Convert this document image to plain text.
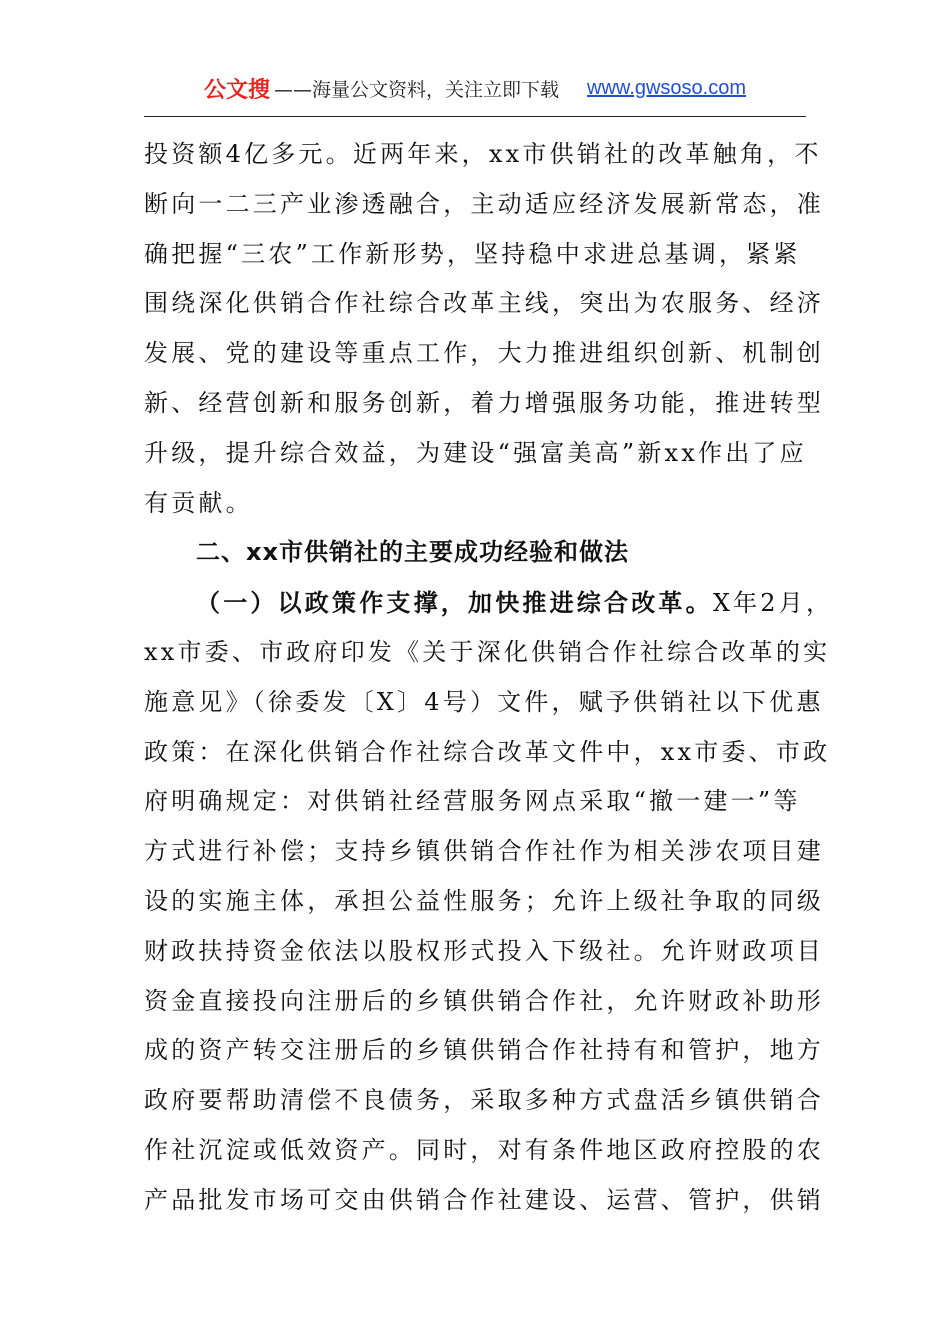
公文搜 ——海量公文资料，关注立即下载 www.gwsoso.com
投资额4亿多元。近两年来，xx市供销社的改革触角，不
断向一二三产业渗透融合，主动适应经济发展新常态，准
确把握“三农”工作新形势，坚持稳中求进总基调，紧紧
围绕深化供销合作社综合改革主线，突出为农服务、经济
发展、党的建设等重点工作，大力推进组织创新、机制创
新、经营创新和服务创新，着力增强服务功能，推进转型
升级，提升综合效益，为建设“强富美高”新xx作出了应
有贡献。
二、xx市供销社的主要成功经验和做法
（一）以政策作支撑，加快推进综合改革。X年2月，
xx市委、市政府印发《关于深化供销合作社综合改革的实
施意见》（徐委发〔X〕4号）文件，赋予供销社以下优惠
政策：在深化供销合作社综合改革文件中，xx市委、市政
府明确规定：对供销社经营服务网点采取“撤一建一”等
方式进行补偿；支持乡镇供销合作社作为相关涉农项目建
设的实施主体，承担公益性服务；允许上级社争取的同级
财政扶持资金依法以股权形式投入下级社。允许财政项目
资金直接投向注册后的乡镇供销合作社，允许财政补助形
成的资产转交注册后的乡镇供销合作社持有和管护，地方
政府要帮助清偿不良债务，采取多种方式盘活乡镇供销合
作社沉淀或低效资产。同时，对有条件地区政府控股的农
产品批发市场可交由供销合作社建设、运营、管护，供销
